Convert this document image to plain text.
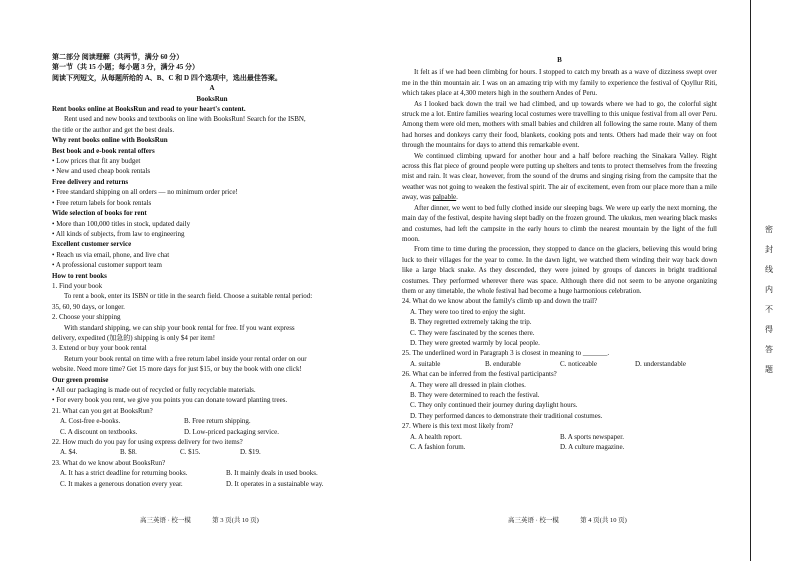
第二部分 阅读理解（共两节，满分 60 分）
第一节（共 15 小题；每小题 3 分，满分 45 分）
阅读下列短文，从每题所给的 A、B、C 和 D 四个选项中，选出最佳答案。
A
BooksRun
Rent books online at BooksRun and read to your heart's content.
Rent used and new books and textbooks on line with BooksRun! Search for the ISBN,
the title or the author and get the best deals.
Why rent books online with BooksRun
Best book and e-book rental offers
• Low prices that fit any budget
• New and used cheap book rentals
Free delivery and returns
• Free standard shipping on all orders — no minimum order price!
• Free return labels for book rentals
Wide selection of books for rent
• More than 100,000 titles in stock, updated daily
• All kinds of subjects, from law to engineering
Excellent customer service
• Reach us via email, phone, and live chat
• A professional customer support team
How to rent books
1. Find your book
To rent a book, enter its ISBN or title in the search field. Choose a suitable rental period:
35, 60, 90 days, or longer.
2. Choose your shipping
With standard shipping, we can ship your book rental for free. If you want express
delivery, expedited (加急的) shipping is only $4 per item!
3. Extend or buy your book rental
Return your book rental on time with a free return label inside your rental order on our
website. Need more time? Get 15 more days for just $15, or buy the book with one click!
Our green promise
• All our packaging is made out of recycled or fully recyclable materials.
• For every book you rent, we give you points you can donate toward planting trees.
21. What can you get at BooksRun?
A. Cost-free e-books.	B. Free return shipping.
C. A discount on textbooks.	D. Low-priced packaging service.
22. How much do you pay for using express delivery for two items?
A. $4.	B. $8.	C. $15.	D. $19.
23. What do we know about BooksRun?
A. It has a strict deadline for returning books.	B. It mainly deals in used books.
C. It makes a generous donation every year.	D. It operates in a sustainable way.
高三英语 · 校一模	第 3 页(共 10 页)
B
It felt as if we had been climbing for hours. I stopped to catch my breath as a wave of dizziness swept over me in the thin mountain air. I was on an amazing trip with my family to experience the festival of Qoyllur Riti, which takes place at 4,300 meters high in the southern Andes of Peru.
As I looked back down the trail we had climbed, and up towards where we had to go, the colorful sight struck me a lot. Entire families wearing local costumes were travelling to this unique festival from all over Peru. Among them were old men, mothers with small babies and children all following the same route. Many of them had horses and donkeys carry their food, blankets, cooking pots and tents. Others had made their way on foot through the mountains for days to attend this remarkable event.
We continued climbing upward for another hour and a half before reaching the Sinakara Valley. Right across this flat piece of ground people were putting up shelters and tents to protect themselves from the freezing mist and rain. It was clear, however, from the sound of the drums and singing rising from the campsite that the weather was not going to weaken the festival spirit. The air of excitement, even from our place more than a mile away, was palpable.
After dinner, we went to bed fully clothed inside our sleeping bags. We were up early the next morning, the main day of the festival, despite having slept badly on the frozen ground. The ukukus, men wearing black masks and costumes, had left the campsite in the early hours to climb the nearest mountain by the light of the full moon.
From time to time during the procession, they stopped to dance on the glaciers, believing this would bring luck to their villages for the year to come. In the dawn light, we watched them winding their way back down like a large black snake. As they descended, they were joined by groups of dancers in bright traditional costumes. They performed wherever there was space. Although there did not seem to be anyone organizing them or any timetable, the whole festival had become a huge harmonious celebration.
24. What do we know about the family's climb up and down the trail?
A. They were too tired to enjoy the sight.
B. They regretted extremely taking the trip.
C. They were fascinated by the scenes there.
D. They were greeted warmly by local people.
25. The underlined word in Paragraph 3 is closest in meaning to _______.
A. suitable	B. endurable	C. noticeable	D. understandable
26. What can be inferred from the festival participants?
A. They were all dressed in plain clothes.
B. They were determined to reach the festival.
C. They only continued their journey during daylight hours.
D. They performed dances to demonstrate their traditional costumes.
27. Where is this text most likely from?
A. A health report.	B. A sports newspaper.
C. A fashion forum.	D. A culture magazine.
高三英语 · 校一模	第 4 页(共 10 页)
密
封
线
内
不
得
答
题
